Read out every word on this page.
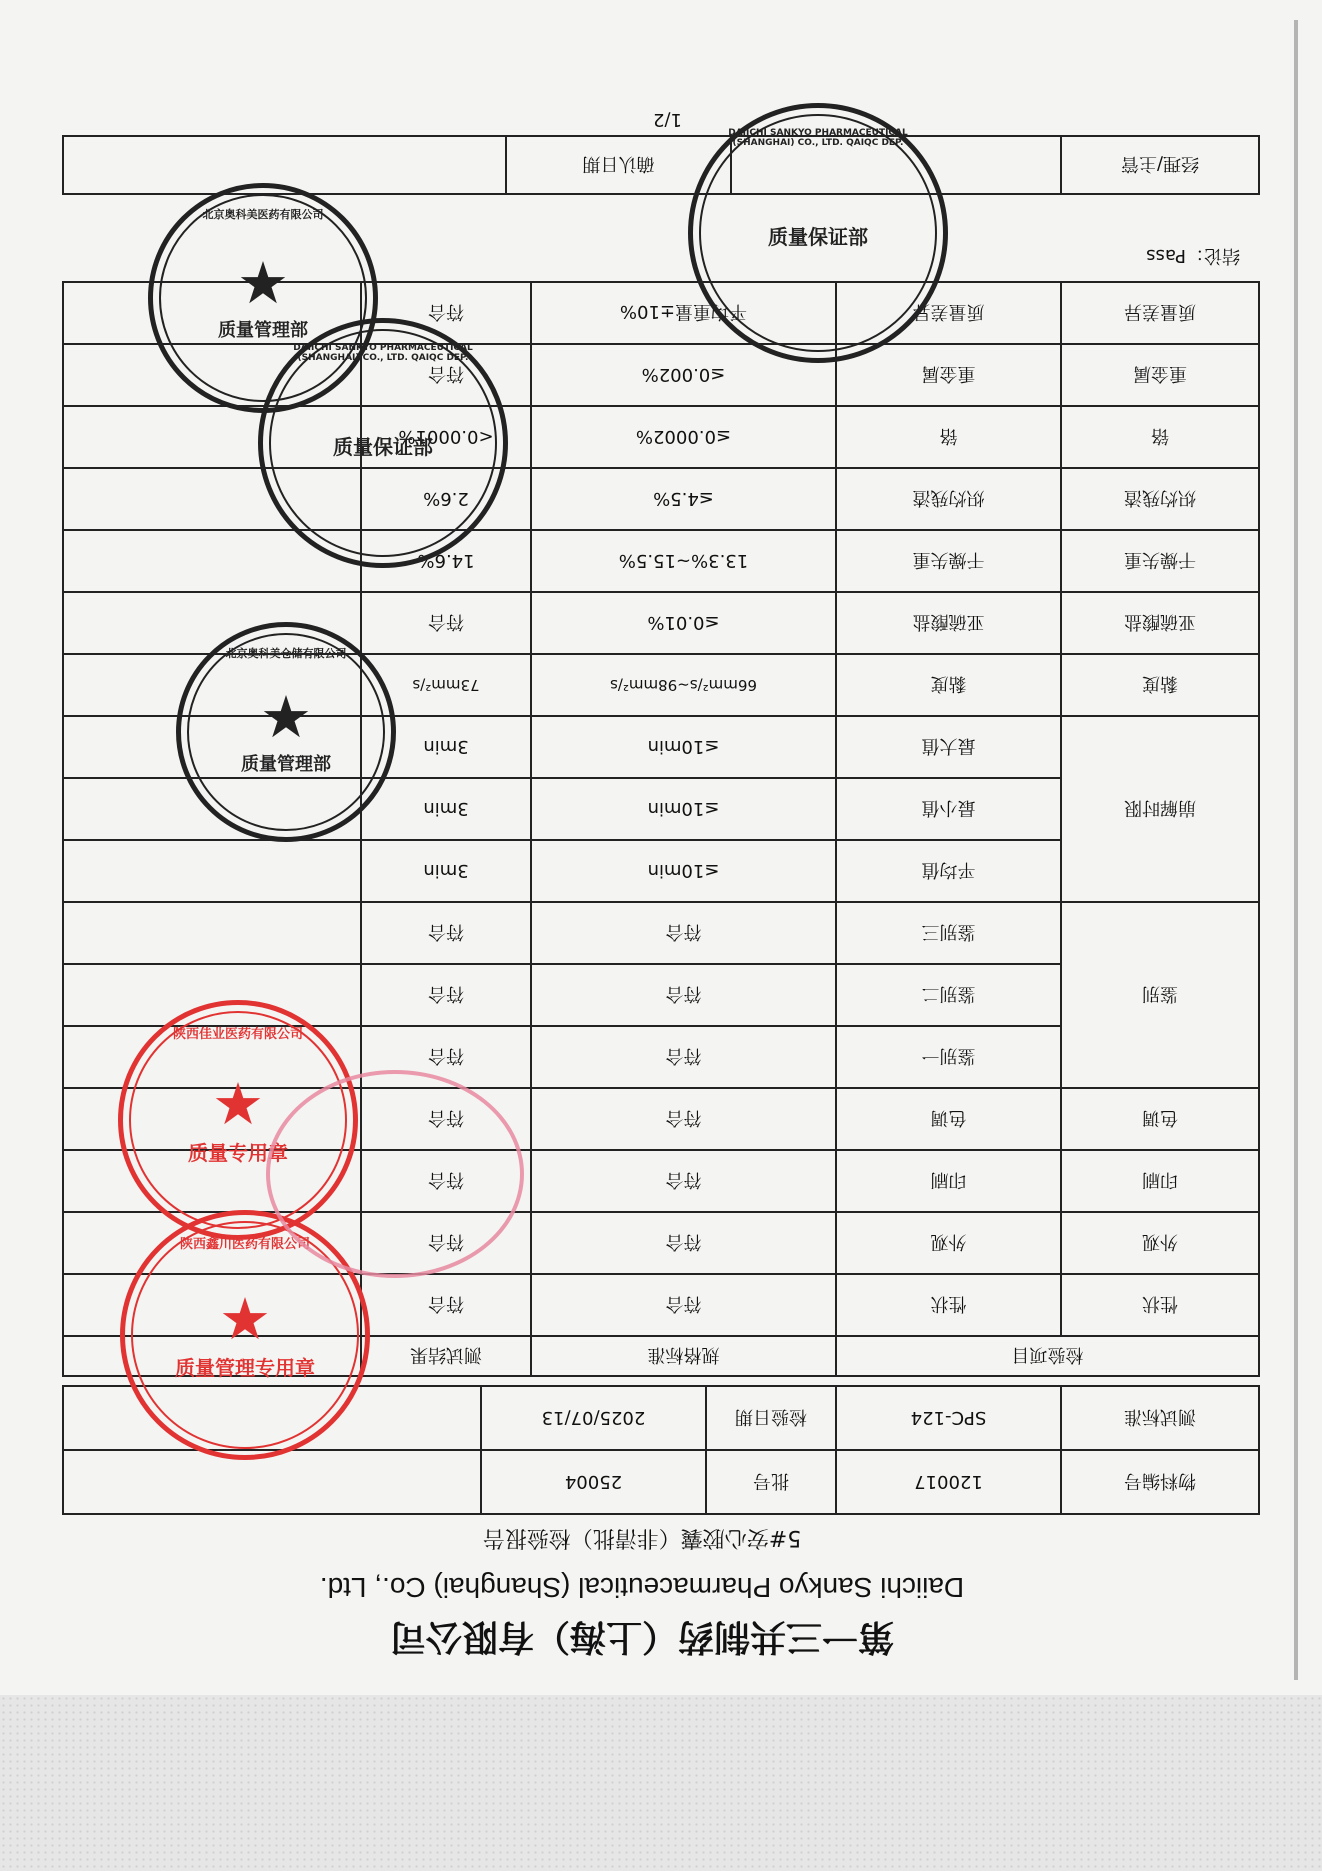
第一三共制药（上海）有限公司
Daiichi Sankyo Pharmaceutical (Shanghai) Co., Ltd.
5#安心胶囊（非清批）检验报告
物料编号	120017	批号	25004	
测试标准	SPC-124	检验日期	2025/07/13	
检验项目		规格标准	测试结果	
性状	性状	符合	符合	
外观	外观	符合	符合	
印刷	印刷	符合	符合	
色调	色调	符合	符合	
鉴别	鉴别一	符合	符合	
	鉴别二	符合	符合	
	鉴别三	符合	符合	
崩解时限	平均值	≤10min	3min	
	最小值	≤10min	3min	
	最大值	≤10min	3min	
黏度	黏度	66mm²/s~98mm²/s	73mm²/s	
亚硫酸盐	亚硫酸盐	≤0.01%	符合	
干燥失重	干燥失重	13.3%~15.5%	14.6%	
炽灼残渣	炽灼残渣	≤4.5%	2.6%	
铬	铬	≤0.0002%	<0.0001%	
重金属	重金属	≤0.002%	符合	
质量差异	质量差异	平均重量±10%	符合	
结论：Pass
经理/主管		确认日期	
1/2
★
质量专用章
陕西佳业医药有限公司
★
质量管理专用章
陕西鑫川医药有限公司

★
质量管理部
北京奥科美仓储有限公司
质量保证部
DAIICHI SANKYO PHARMACEUTICAL (SHANGHAI) CO., LTD. QAIQC DEP.
★
质量管理部
北京奥科美医药有限公司
质量保证部
DAIICHI SANKYO PHARMACEUTICAL (SHANGHAI) CO., LTD. QAIQC DEP.
